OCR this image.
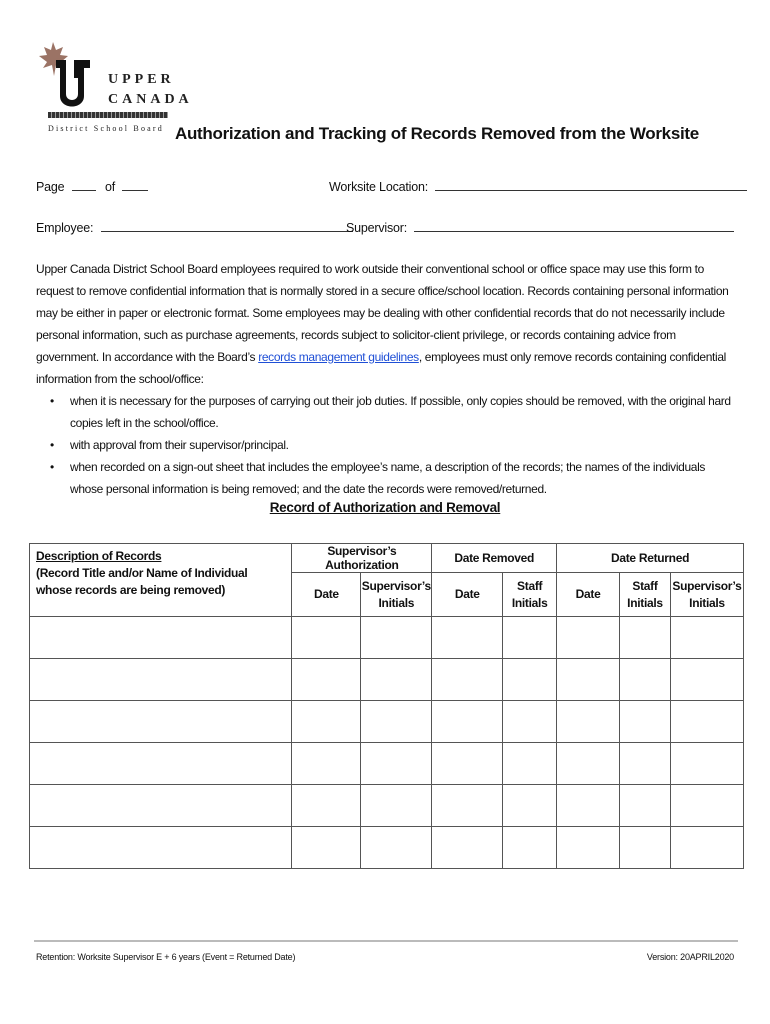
UPPER
CANADA
District School Board Authorization and Tracking of Records Removed from the Worksite
Page	of	Worksite Location:
Employee:	Supervisor:
Upper Canada District School Board employees required to work outside their conventional school or office space may use this form to request to remove confidential information that is normally stored in a secure office/school location. Records containing personal information may be either in paper or electronic format. Some employees may be dealing with other confidential records that do not necessarily include personal information, such as purchase agreements, records subject to solicitor-client privilege, or records containing advice from government. In accordance with the Board’s records management guidelines, employees must only remove records containing confidential information from the school/office:
• when it is necessary for the purposes of carrying out their job duties. If possible, only copies should be removed, with the original hard copies left in the school/office.
• with approval from their supervisor/principal.
• when recorded on a sign-out sheet that includes the employee’s name, a description of the records; the names of the individuals whose personal information is being removed; and the date the records were removed/returned.
Record of Authorization and Removal
Description of Records
(Record Title and/or Name of Individual whose records are being removed)	Supervisor’s Authorization		Date Removed		Date Returned		
	Date	Supervisor’s Initials	Date	Staff Initials	Date	Staff Initials	Supervisor’s Initials

Retention: Worksite Supervisor E + 6 years (Event = Returned Date)	Version: 20APRIL2020
